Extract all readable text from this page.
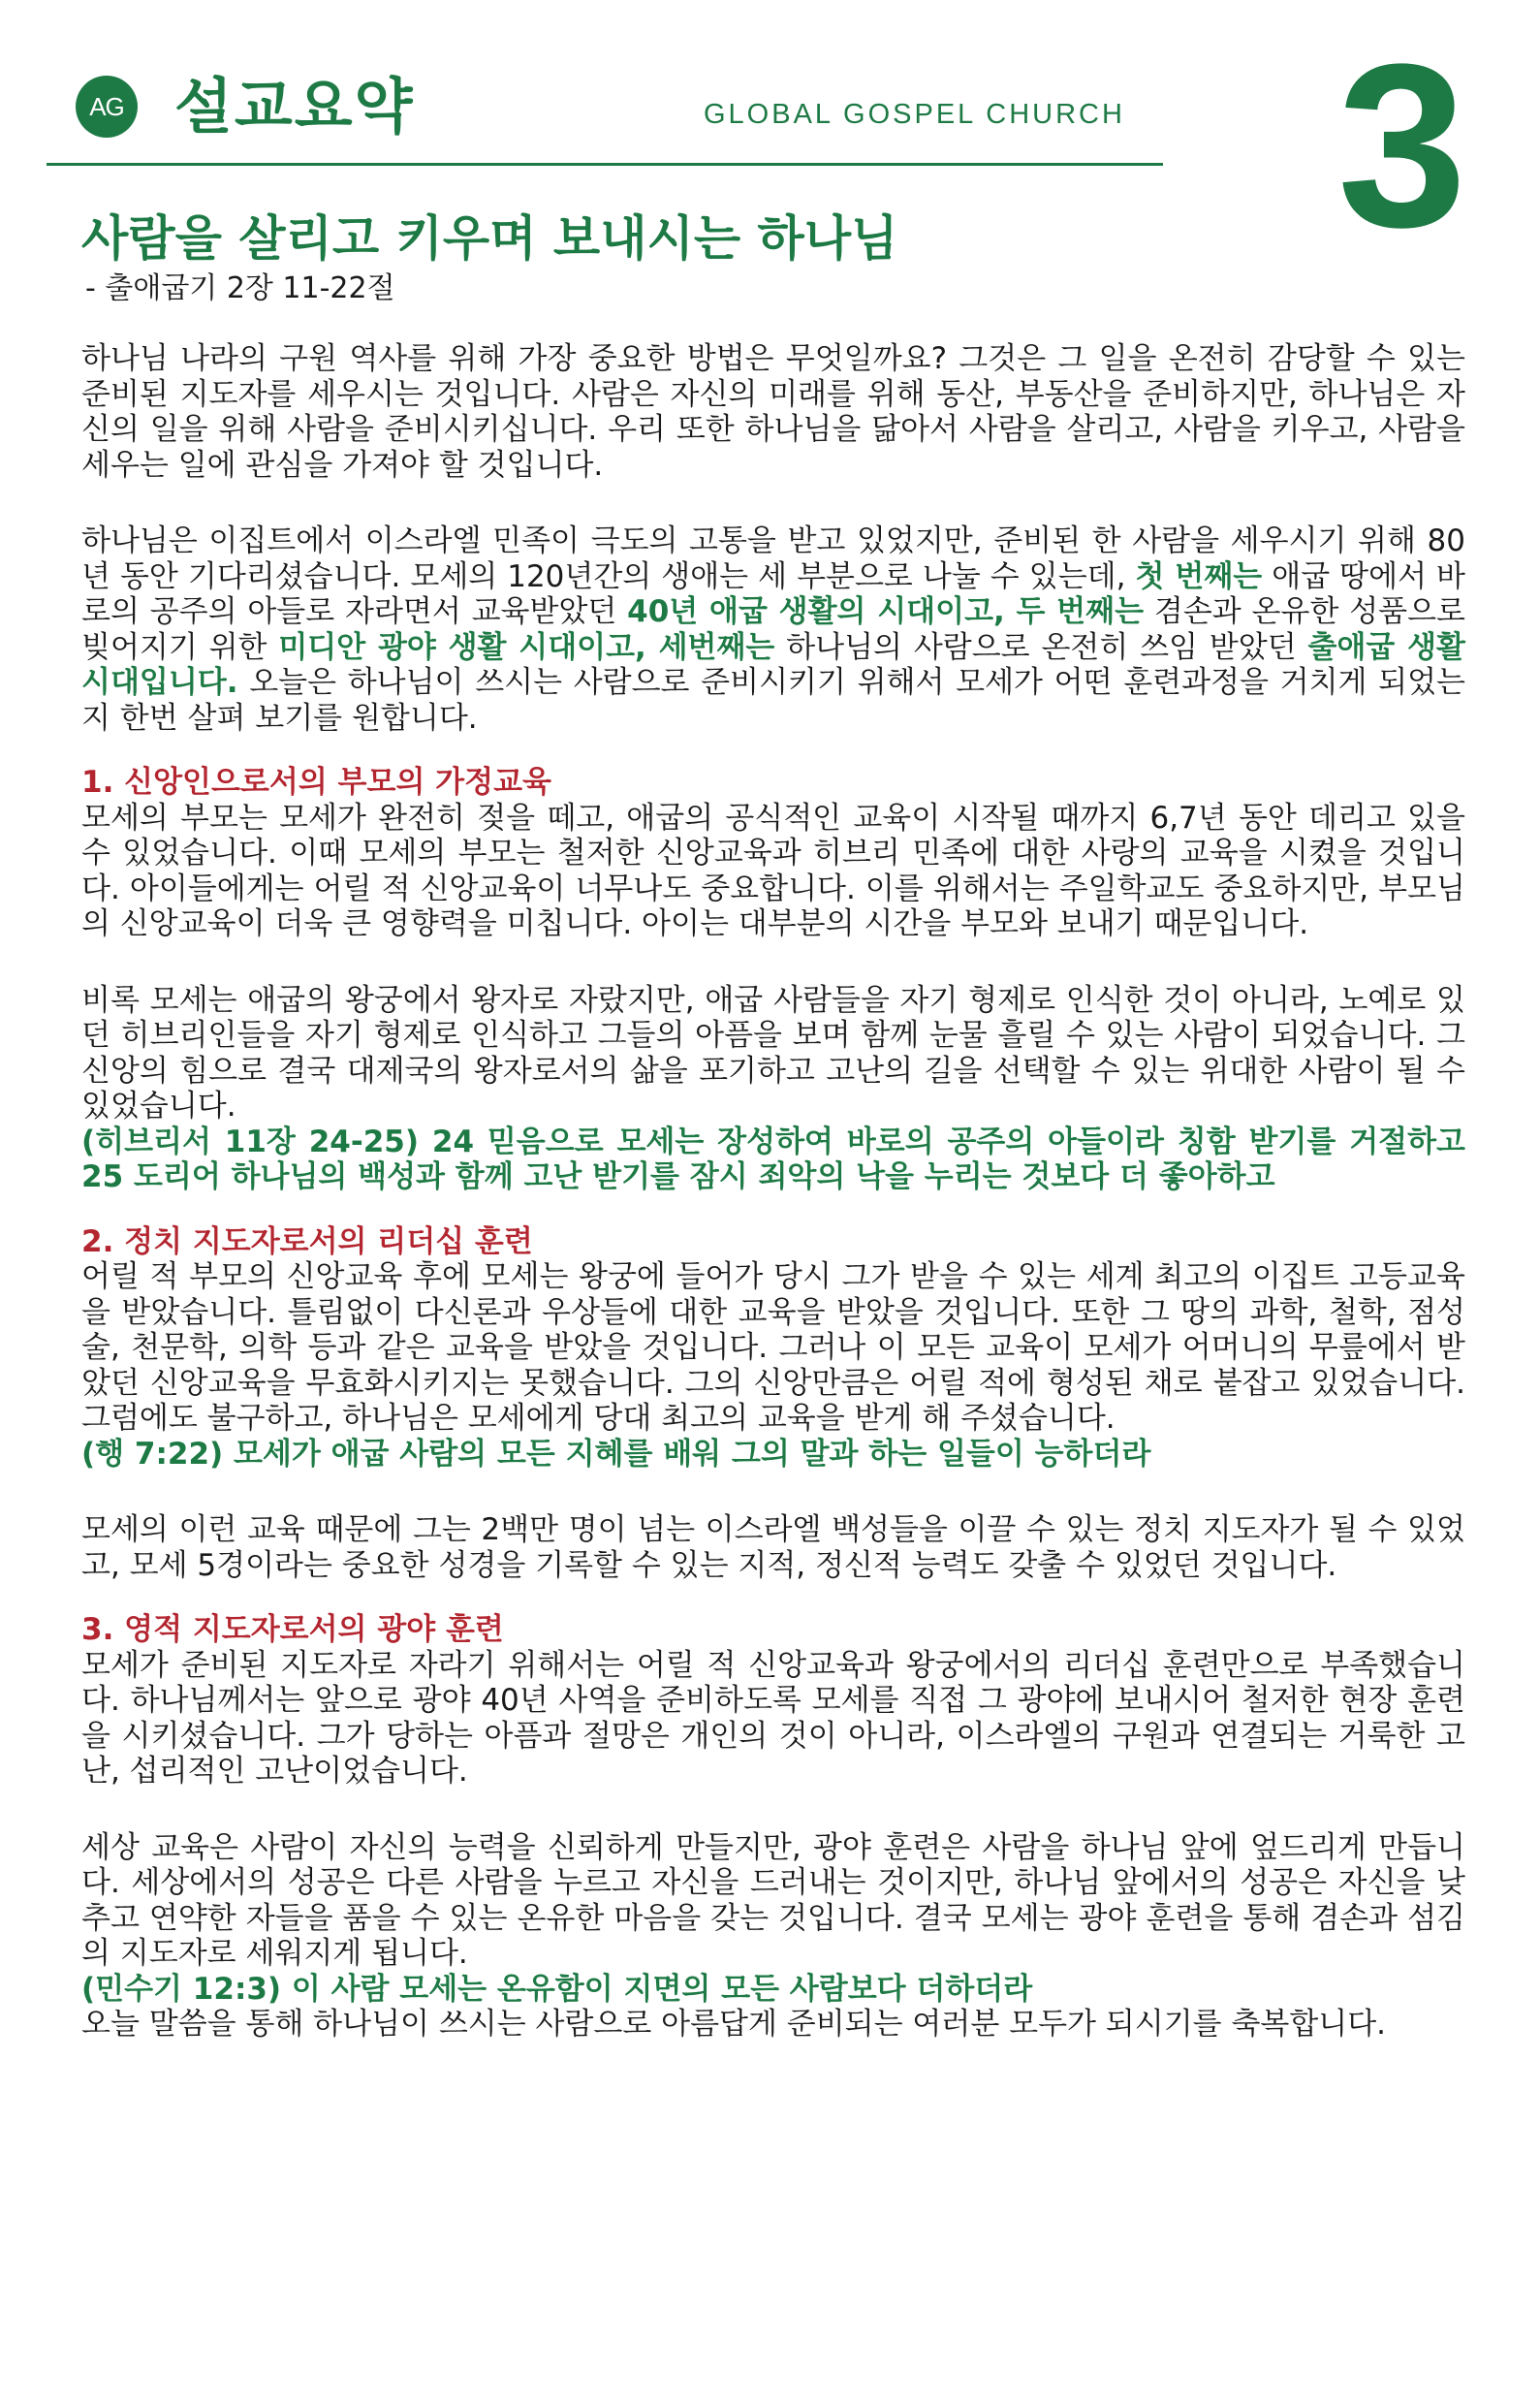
AG 설교요약	GLOBAL GOSPEL CHURCH 3
사람을 살리고 키우며 보내시는 하나님
- 출애굽기 2장 11-22절

하나님 나라의 구원 역사를 위해 가장 중요한 방법은 무엇일까요? 그것은 그 일을 온전히 감당할 수 있는 준비된 지도자를 세우시는 것입니다. 사람은 자신의 미래를 위해 동산, 부동산을 준비하지만, 하나님은 자신의 일을 위해 사람을 준비시키십니다. 우리 또한 하나님을 닮아서 사람을 살리고, 사람을 키우고, 사람을 세우는 일에 관심을 가져야 할 것입니다.

하나님은 이집트에서 이스라엘 민족이 극도의 고통을 받고 있었지만, 준비된 한 사람을 세우시기 위해 80년 동안 기다리셨습니다. 모세의 120년간의 생애는 세 부분으로 나눌 수 있는데, 첫 번째는 애굽 땅에서 바로의 공주의 아들로 자라면서 교육받았던 40년 애굽 생활의 시대이고, 두 번째는 겸손과 온유한 성품으로 빚어지기 위한 미디안 광야 생활 시대이고, 세번째는 하나님의 사람으로 온전히 쓰임 받았던 출애굽 생활 시대입니다. 오늘은 하나님이 쓰시는 사람으로 준비시키기 위해서 모세가 어떤 훈련과정을 거치게 되었는지 한번 살펴 보기를 원합니다.

1. 신앙인으로서의 부모의 가정교육

모세의 부모는 모세가 완전히 젖을 떼고, 애굽의 공식적인 교육이 시작될 때까지 6,7년 동안 데리고 있을 수 있었습니다. 이때 모세의 부모는 철저한 신앙교육과 히브리 민족에 대한 사랑의 교육을 시켰을 것입니다. 아이들에게는 어릴 적 신앙교육이 너무나도 중요합니다. 이를 위해서는 주일학교도 중요하지만, 부모님의 신앙교육이 더욱 큰 영향력을 미칩니다. 아이는 대부분의 시간을 부모와 보내기 때문입니다.

비록 모세는 애굽의 왕궁에서 왕자로 자랐지만, 애굽 사람들을 자기 형제로 인식한 것이 아니라, 노예로 있던 히브리인들을 자기 형제로 인식하고 그들의 아픔을 보며 함께 눈물 흘릴 수 있는 사람이 되었습니다. 그 신앙의 힘으로 결국 대제국의 왕자로서의 삶을 포기하고 고난의 길을 선택할 수 있는 위대한 사람이 될 수 있었습니다.

(히브리서 11장 24-25) 24 믿음으로 모세는 장성하여 바로의 공주의 아들이라 칭함 받기를 거절하고 25 도리어 하나님의 백성과 함께 고난 받기를 잠시 죄악의 낙을 누리는 것보다 더 좋아하고

2. 정치 지도자로서의 리더십 훈련

어릴 적 부모의 신앙교육 후에 모세는 왕궁에 들어가 당시 그가 받을 수 있는 세계 최고의 이집트 고등교육을 받았습니다. 틀림없이 다신론과 우상들에 대한 교육을 받았을 것입니다. 또한 그 땅의 과학, 철학, 점성술, 천문학, 의학 등과 같은 교육을 받았을 것입니다. 그러나 이 모든 교육이 모세가 어머니의 무릎에서 받았던 신앙교육을 무효화시키지는 못했습니다. 그의 신앙만큼은 어릴 적에 형성된 채로 붙잡고 있었습니다. 그럼에도 불구하고, 하나님은 모세에게 당대 최고의 교육을 받게 해 주셨습니다.

(행 7:22) 모세가 애굽 사람의 모든 지혜를 배워 그의 말과 하는 일들이 능하더라

모세의 이런 교육 때문에 그는 2백만 명이 넘는 이스라엘 백성들을 이끌 수 있는 정치 지도자가 될 수 있었고, 모세 5경이라는 중요한 성경을 기록할 수 있는 지적, 정신적 능력도 갖출 수 있었던 것입니다.

3. 영적 지도자로서의 광야 훈련

모세가 준비된 지도자로 자라기 위해서는 어릴 적 신앙교육과 왕궁에서의 리더십 훈련만으로 부족했습니다. 하나님께서는 앞으로 광야 40년 사역을 준비하도록 모세를 직접 그 광야에 보내시어 철저한 현장 훈련을 시키셨습니다. 그가 당하는 아픔과 절망은 개인의 것이 아니라, 이스라엘의 구원과 연결되는 거룩한 고난, 섭리적인 고난이었습니다.

세상 교육은 사람이 자신의 능력을 신뢰하게 만들지만, 광야 훈련은 사람을 하나님 앞에 엎드리게 만듭니다. 세상에서의 성공은 다른 사람을 누르고 자신을 드러내는 것이지만, 하나님 앞에서의 성공은 자신을 낮추고 연약한 자들을 품을 수 있는 온유한 마음을 갖는 것입니다. 결국 모세는 광야 훈련을 통해 겸손과 섬김의 지도자로 세워지게 됩니다.

(민수기 12:3) 이 사람 모세는 온유함이 지면의 모든 사람보다 더하더라

오늘 말씀을 통해 하나님이 쓰시는 사람으로 아름답게 준비되는 여러분 모두가 되시기를 축복합니다.
